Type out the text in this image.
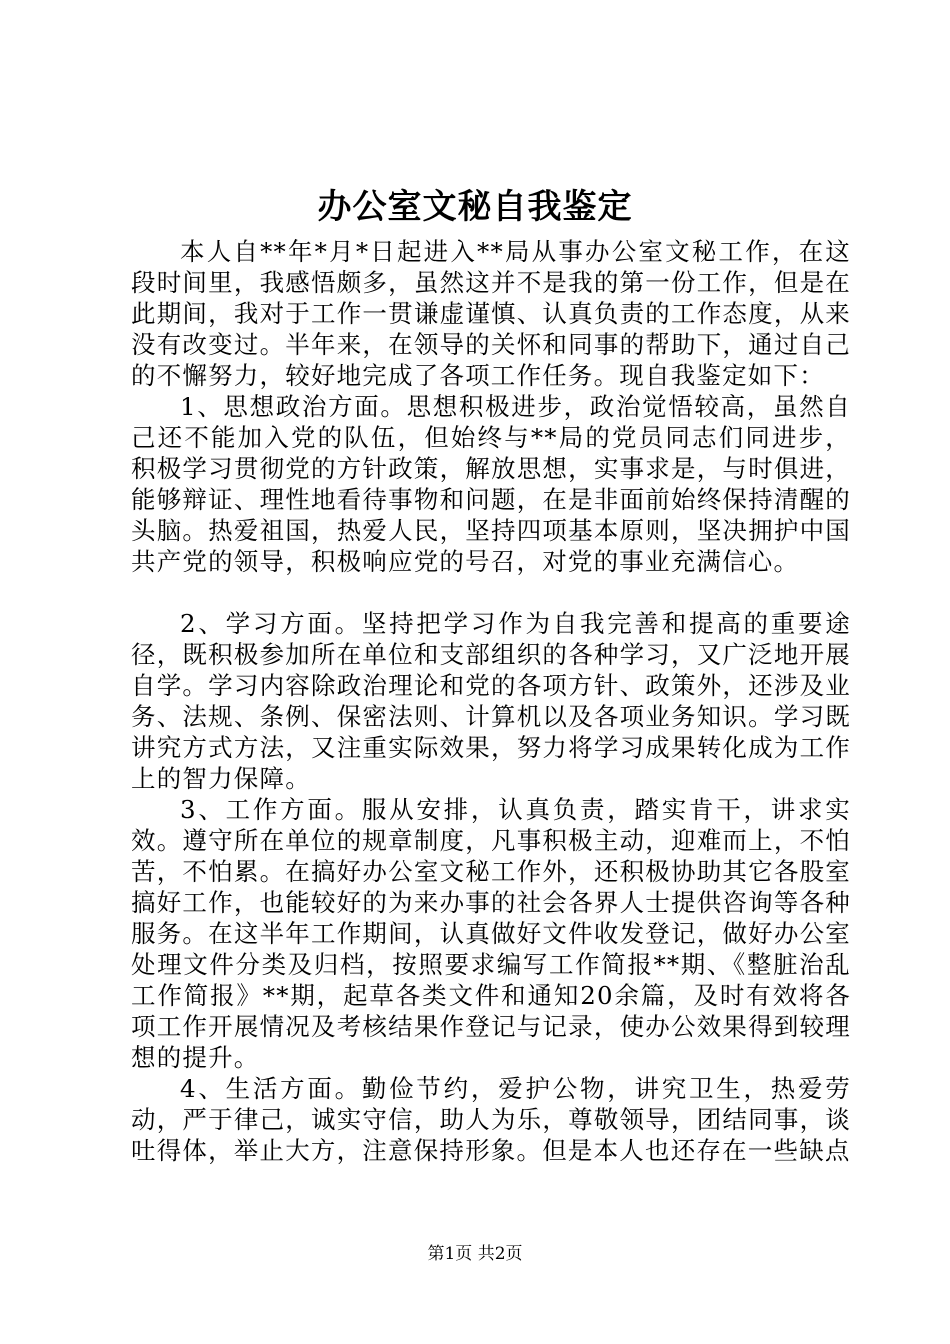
办公室文秘自我鉴定

本人自**年*月*日起进入**局从事办公室文秘工作，在这段时间里，我感悟颇多，虽然这并不是我的第一份工作，但是在此期间，我对于工作一贯谦虚谨慎、认真负责的工作态度，从来没有改变过。半年来，在领导的关怀和同事的帮助下，通过自己的不懈努力，较好地完成了各项工作任务。现自我鉴定如下：

1、思想政治方面。思想积极进步，政治觉悟较高，虽然自己还不能加入党的队伍，但始终与**局的党员同志们同进步，积极学习贯彻党的方针政策，解放思想，实事求是，与时俱进，能够辩证、理性地看待事物和问题，在是非面前始终保持清醒的头脑。热爱祖国，热爱人民，坚持四项基本原则，坚决拥护中国共产党的领导，积极响应党的号召，对党的事业充满信心。

2、学习方面。坚持把学习作为自我完善和提高的重要途径，既积极参加所在单位和支部组织的各种学习，又广泛地开展自学。学习内容除政治理论和党的各项方针、政策外，还涉及业务、法规、条例、保密法则、计算机以及各项业务知识。学习既讲究方式方法，又注重实际效果，努力将学习成果转化成为工作上的智力保障。

3、工作方面。服从安排，认真负责，踏实肯干，讲求实效。遵守所在单位的规章制度，凡事积极主动，迎难而上，不怕苦，不怕累。在搞好办公室文秘工作外，还积极协助其它各股室搞好工作，也能较好的为来办事的社会各界人士提供咨询等各种服务。在这半年工作期间，认真做好文件收发登记，做好办公室处理文件分类及归档，按照要求编写工作简报**期、《整脏治乱工作简报》**期，起草各类文件和通知20余篇，及时有效将各项工作开展情况及考核结果作登记与记录，使办公效果得到较理想的提升。

4、生活方面。勤俭节约，爱护公物，讲究卫生，热爱劳动，严于律己，诚实守信，助人为乐，尊敬领导，团结同事，谈吐得体，举止大方，注意保持形象。但是本人也还存在一些缺点

第1页 共2页
